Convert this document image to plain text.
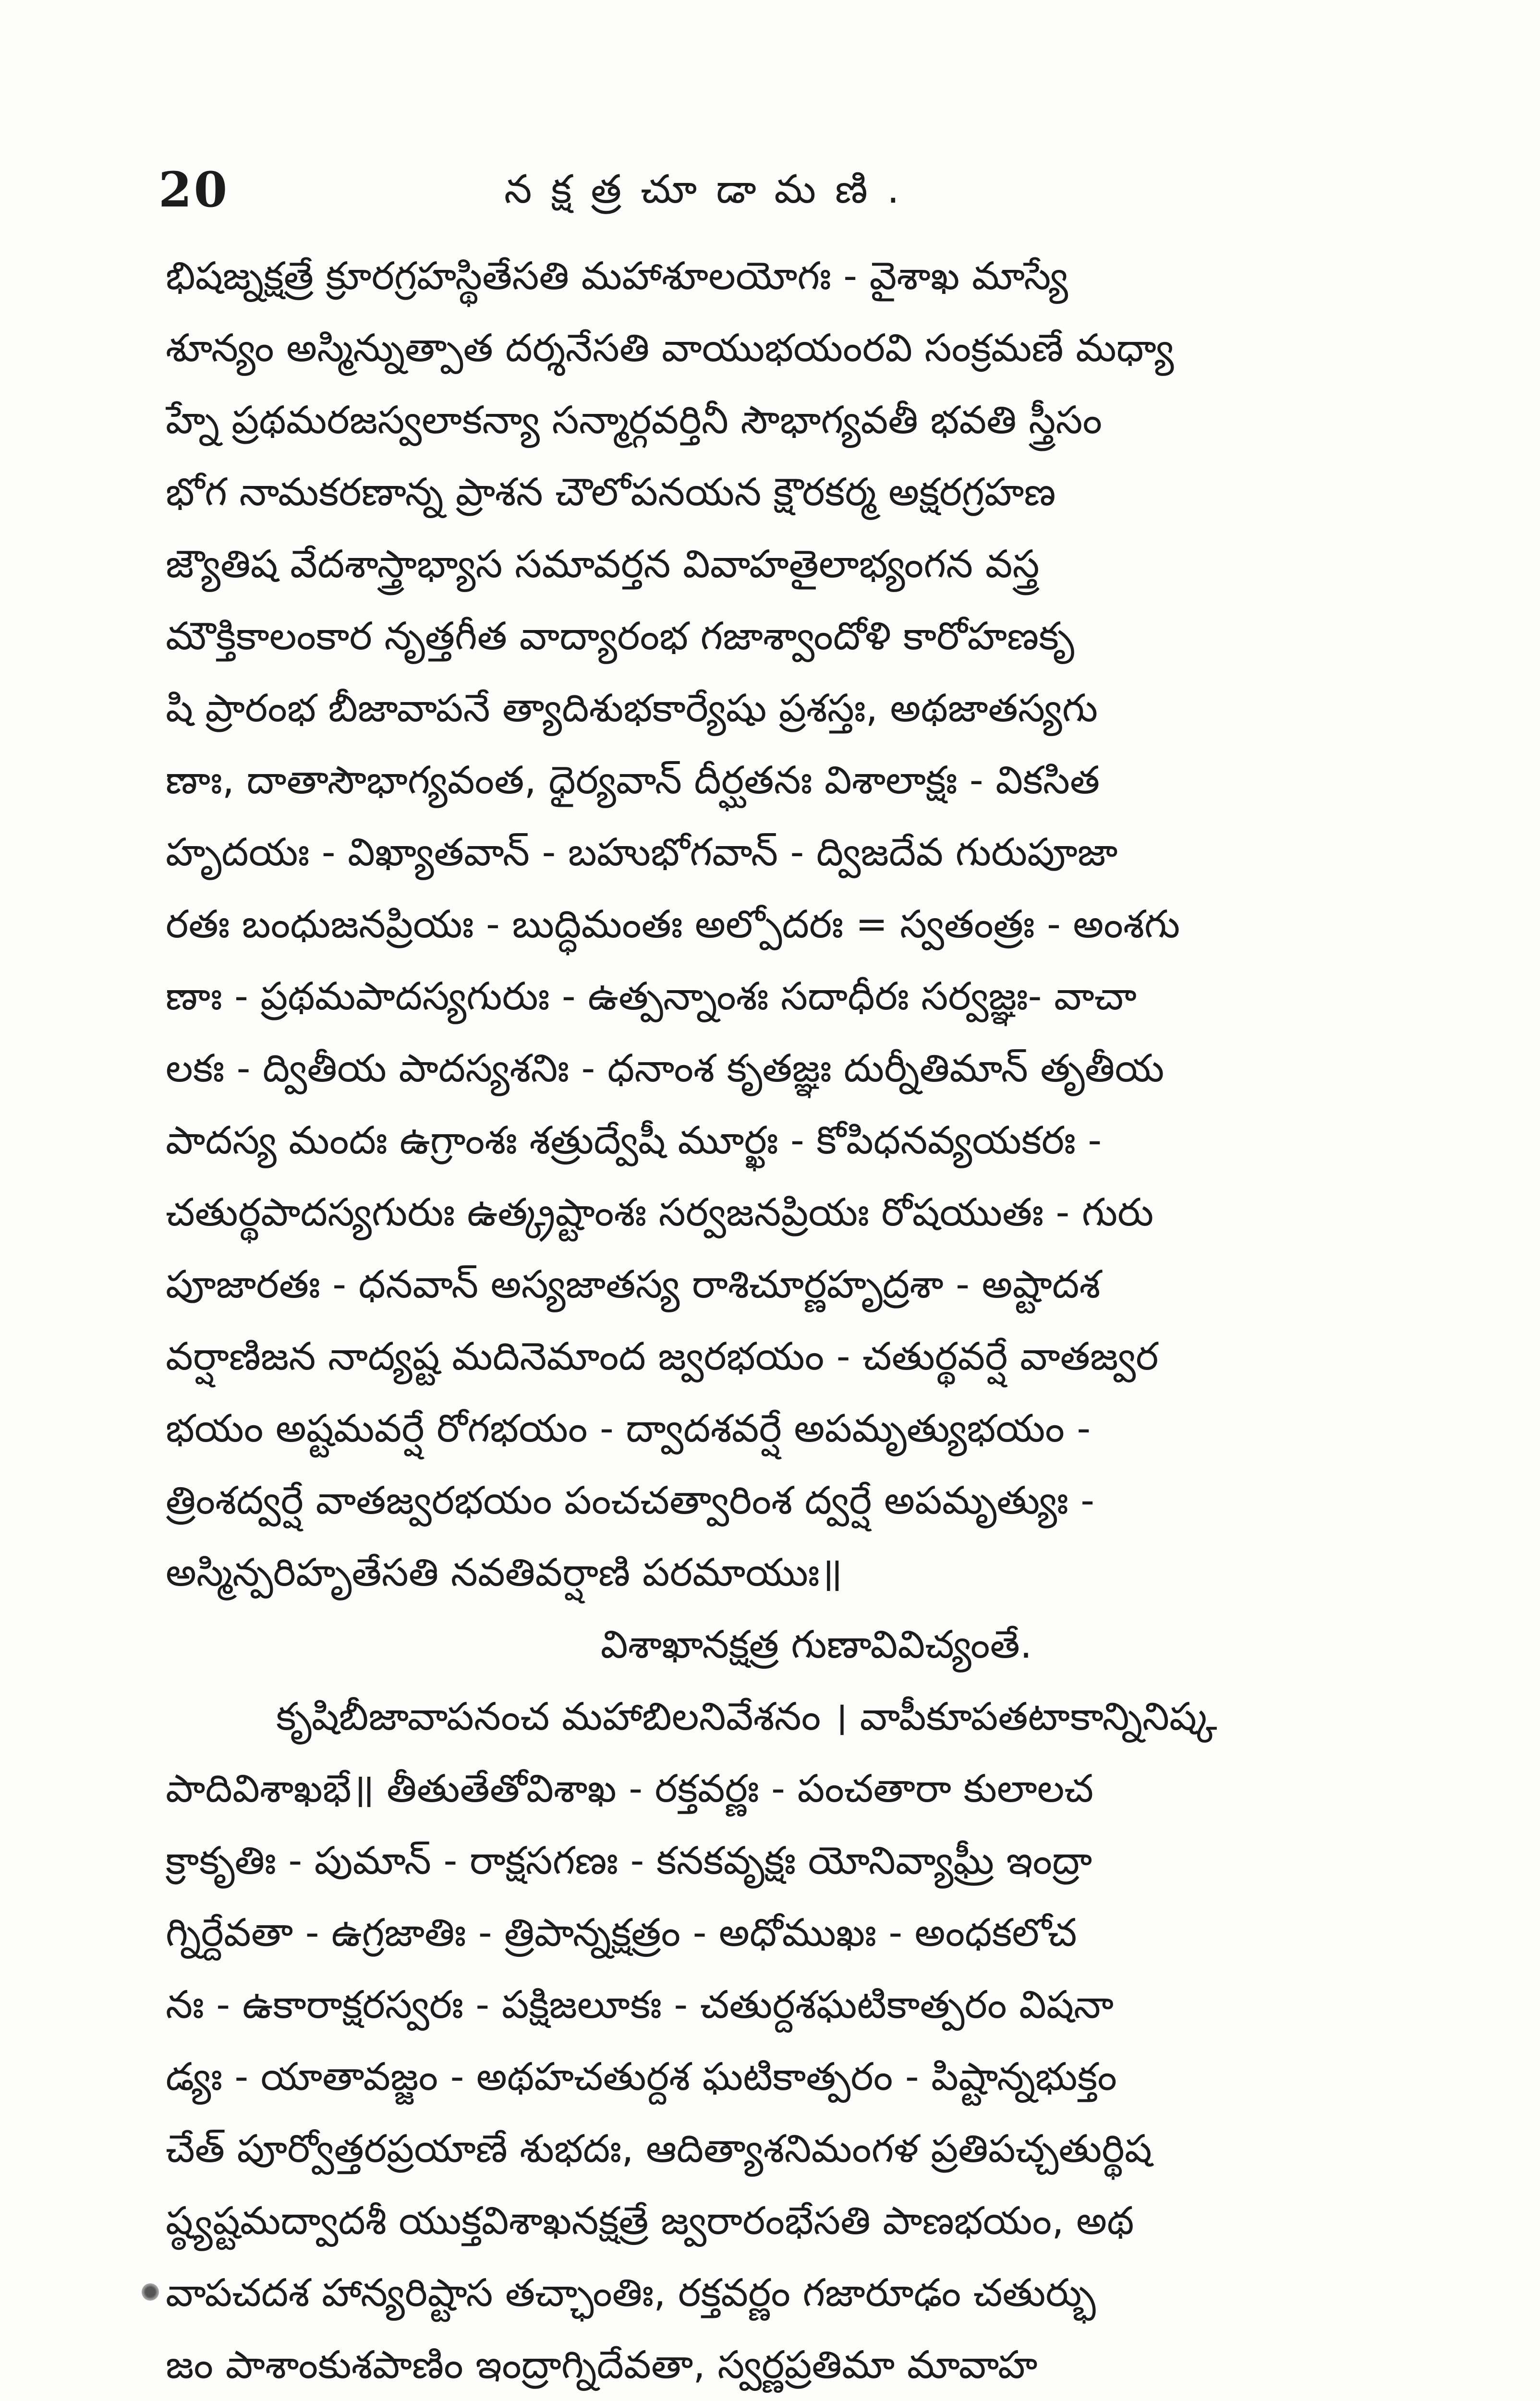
20	నక్షత్రచూడామణి.
భిషజ్నక్షత్రే క్రూరగ్రహస్థితేసతి మహాశూలయోగః - వైశాఖ మాస్యే
శూన్యం అస్మిన్నుత్పాత దర్శనేసతి వాయుభయంరవి సంక్రమణే మధ్యా
హ్నే ప్రథమరజస్వలాకన్యా సన్మార్గవర్తినీ సౌభాగ్యవతీ భవతి స్త్రీసం
భోగ నామకరణాన్న ప్రాశన చౌలోపనయన క్షౌరకర్మ అక్షరగ్రహణ
జ్యౌతిష వేదశాస్త్రాభ్యాస సమావర్తన వివాహతైలాభ్యంగన వస్త్ర
మౌక్తికాలంకార నృత్తగీత వాద్యారంభ గజాశ్వాందోళి కారోహణకృ
షి ప్రారంభ బీజావాపనే త్యాదిశుభకార్యేషు ప్రశస్తః, అథజాతస్యగు
ణాః, దాతాసౌభాగ్యవంత, ధైర్యవాన్ దీర్ఘతనః విశాలాక్షః - వికసిత
హృదయః - విఖ్యాతవాన్ - బహుభోగవాన్ - ద్విజదేవ గురుపూజా
రతః బంధుజనప్రియః - బుద్ధిమంతః అల్పోదరః = స్వతంత్రః - అంశగు
ణాః - ప్రథమపాదస్యగురుః - ఉత్పన్నాంశః సదాధీరః సర్వజ్ఞః- వాచా
లకః - ద్వితీయ పాదస్యశనిః - ధనాంశ కృతజ్ఞః దుర్నీతిమాన్ తృతీయ
పాదస్య మందః ఉగ్రాంశః శత్రుద్వేషీ మూర్ఖః - కోపిధనవ్యయకరః -
చతుర్థపాదస్యగురుః ఉత్క్రష్టాంశః సర్వజనప్రియః రోషయుతః - గురు
పూజారతః - ధనవాన్ అస్యజాతస్య రాశిచూర్ణహృద్రశా - అష్టాదశ
వర్షాణిజన నాద్యష్ట మదినెమాంద జ్వరభయం - చతుర్థవర్షే వాతజ్వర
భయం అష్టమవర్షే రోగభయం - ద్వాదశవర్షే అపమృత్యుభయం -
త్రింశద్వర్షే వాతజ్వరభయం పంచచత్వారింశ ద్వర్షే అపమృత్యుః -
అస్మిన్పరిహృతేసతి నవతివర్షాణి పరమాయుః॥
విశాఖానక్షత్ర గుణావివిచ్యంతే.
కృషిబీజావాపనంచ మహాబిలనివేశనం । వాపీకూపతటాకాన్నినిష్క
పాదివిశాఖభే॥ తీతుతేతోవిశాఖ - రక్తవర్ణః - పంచతారా కులాలచ
క్రాకృతిః - పుమాన్ - రాక్షసగణః - కనకవృక్షః యోనివ్యాఘ్రీ ఇంద్రా
గ్నిర్దేవతా - ఉగ్రజాతిః - త్రిపాన్నక్షత్రం - అధోముఖః - అంధకలోచ
నః - ఉకారాక్షరస్వరః - పక్షిజలూకః - చతుర్దశఘటికాత్పరం విషనా
డ్యః - యాతావజ్జం - అథహచతుర్దశ ఘటికాత్పరం - పిష్టాన్నభుక్తం
చేత్ పూర్వోత్తరప్రయాణే శుభదః, ఆదిత్యాశనిమంగళ ప్రతిపచ్చతుర్థిష
ష్ఠ్యష్టమద్వాదశీ యుక్తవిశాఖనక్షత్రే జ్వరారంభేసతి పాణభయం, అథ
వాపచదశ హాన్యరిష్టాస తచ్ఛాంతిః, రక్తవర్ణం గజారూఢం చతుర్భు
జం పాశాంకుశపాణిం ఇంద్రాగ్నిదేవతా, స్వర్ణప్రతిమా మావాహ
